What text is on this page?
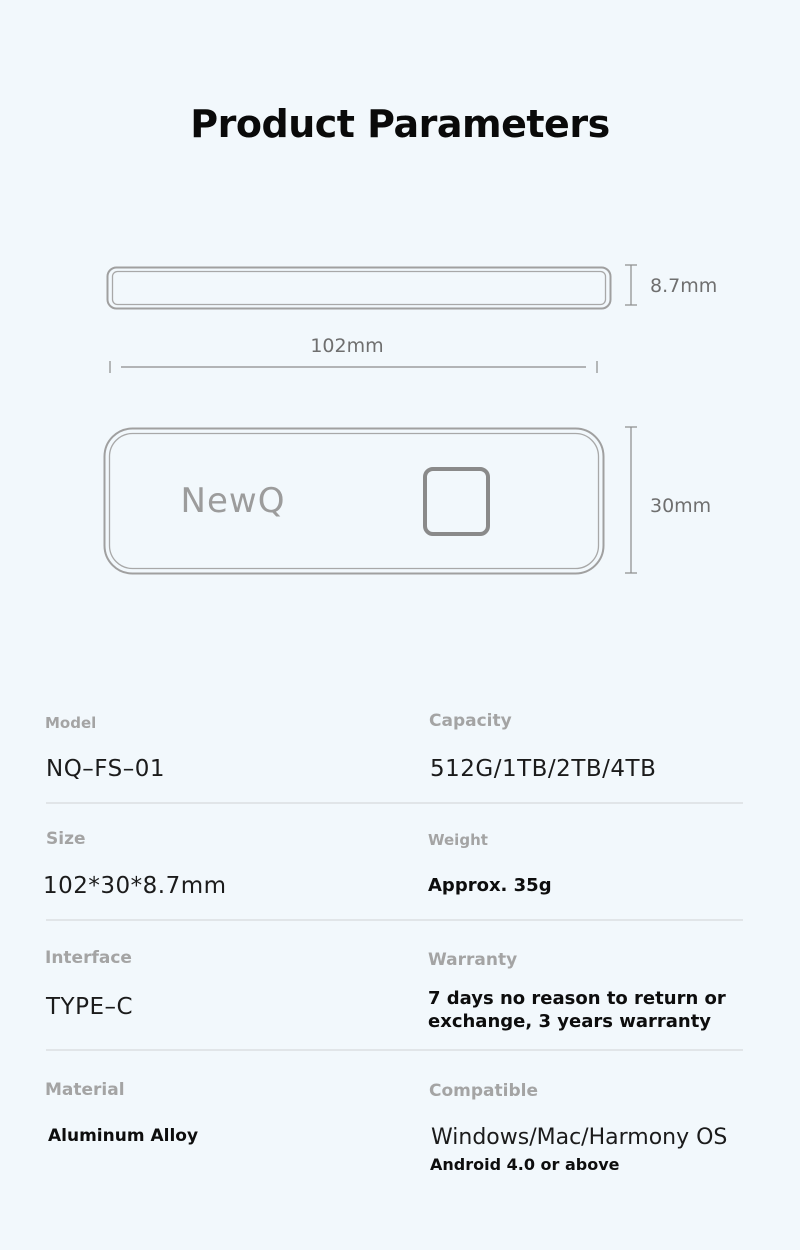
Product Parameters
8.7mm
102mm
NewQ	30mm
Model
NQ–FS–01
Capacity
512G/1TB/2TB/4TB
Size
102*30*8.7mm
Weight
Approx. 35g
Interface
TYPE–C
Warranty
7 days no reason to return or
exchange, 3 years warranty
Material
Aluminum Alloy
Compatible
Windows/Mac/Harmony OS
Android 4.0 or above
